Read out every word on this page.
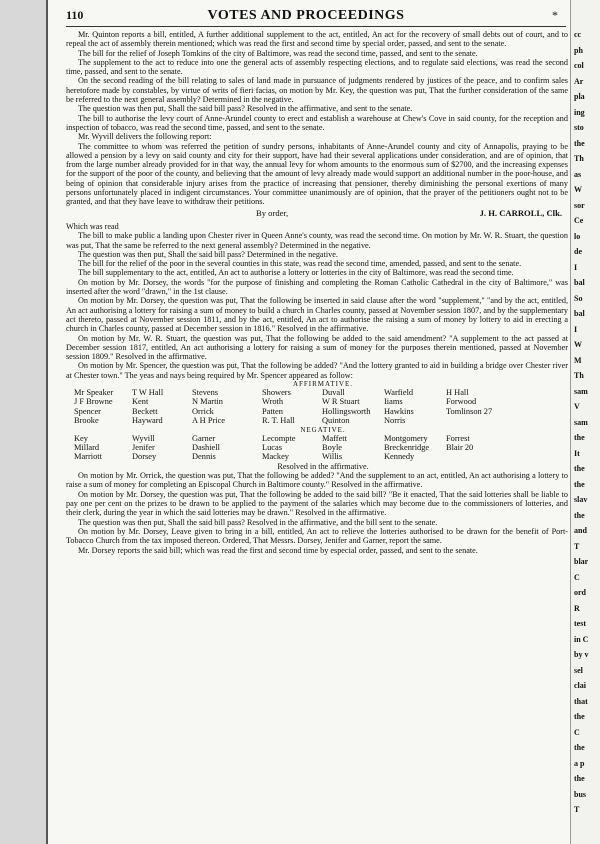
110	VOTES AND PROCEEDINGS	*

Mr. Quinton reports a bill, entitled, A further additional supplement to the act, entitled, An act for the recovery of small debts out of court, and to repeal the act of assembly therein mentioned; which was read the first and second time by special order, passed, and sent to the senate.

The bill for the relief of Joseph Tomkins of the city of Baltimore, was read the second time, passed, and sent to the senate.

The supplement to the act to reduce into one the general acts of assembly respecting elections, and to regulate said elections, was read the second time, passed, and sent to the senate.

On the second reading of the bill relating to sales of land made in pursuance of judgments rendered by justices of the peace, and to confirm sales heretofore made by constables, by virtue of writs of fieri facias, on motion by Mr. Key, the question was put, That the further consideration of the same be referred to the next general assembly? Determined in the negative.

The question was then put, Shall the said bill pass? Resolved in the affirmative, and sent to the senate.

The bill to authorise the levy court of Anne-Arundel county to erect and establish a warehouse at Chew's Cove in said county, for the reception and inspection of tobacco, was read the second time, passed, and sent to the senate.

Mr. Wyvill delivers the following report:

The committee to whom was referred the petition of sundry persons, inhabitants of Anne-Arundel county and city of Annapolis, praying to be allowed a pension by a levy on said county and city for their support, have had their several applications under consideration, and are of opinion, that from the large number already provided for in that way, the annual levy for whom amounts to the enormous sum of $2700, and the increasing expenses for the support of the poor of the county, and believing that the amount of levy already made would support an additional number in the poor-house, and being of opinion that considerable injury arises from the practice of increasing that pensioner, thereby diminishing the personal exertions of many persons unfortunately placed in indigent circumstances. Your committee unanimously are of opinion, that the prayer of the petitioners ought not to be granted, and that they have leave to withdraw their petitions.

By order,	J. H. CARROLL, Clk.

Which was read

The bill to make public a landing upon Chester river in Queen Anne's county, was read the second time. On motion by Mr. W. R. Stuart, the question was put, That the same be referred to the next general assembly? Determined in the negative.

The question was then put, Shall the said bill pass? Determined in the negative.

The bill for the relief of the poor in the several counties in this state, was read the second time, amended, passed, and sent to the senate.

The bill supplementary to the act, entitled, An act to authorise a lottery or lotteries in the city of Baltimore, was read the second time.

On motion by Mr. Dorsey, the words "for the purpose of finishing and completing the Roman Catholic Cathedral in the city of Baltimore," was inserted after the word "drawn," in the 1st clause.

On motion by Mr. Dorsey, the question was put, That the following be inserted in said clause after the word "supplement," "and by the act, entitled, An act authorising a lottery for raising a sum of money to build a church in Charles county, passed at November session 1807, and by the supplementary act thereto, passed at November session 1811, and by the act, entitled, An act to authorise the raising a sum of money by lottery to aid in erecting a church in Charles county, passed at December session in 1816." Resolved in the affirmative.

On motion by Mr. W. R. Stuart, the question was put, That the following be added to the said amendment? "A supplement to the act passed at December session 1817, entitled, An act authorising a lottery for raising a sum of money for the purposes therein mentioned, passed at November session 1809." Resolved in the affirmative.

On motion by Mr. Spencer, the question was put, That the following be added? "And the lottery granted to aid in building a bridge over Chester river at Chester town." The yeas and nays being required by Mr. Spencer appeared as follow:

AFFIRMATIVE.

Mr Speaker	T W Hall	Stevens	Showers	Duvall	Warfield	H Hall
J F Browne	Kent	N Martin	Wroth	W R Stuart	Iiams	Forwood
Spencer	Beckett	Orrick	Patten	Hollingsworth	Hawkins	Tomlinson 27
Brooke	Hayward	A H Price	R. T. Hall	Quinton	Norris

NEGATIVE.

Key	Wyvill	Garner	Lecompte	Maffett	Montgomery	Forrest
Millard	Jenifer	Dashiell	Lucas	Boyle	Breckenridge	Blair 20
Marriott	Dorsey	Dennis	Mackey	Willis	Kennedy

Resolved in the affirmative.

On motion by Mr. Orrick, the question was put, That the following be added? "And the supplement to an act, entitled, An act authorising a lottery to raise a sum of money for completing an Episcopal Church in Baltimore county." Resolved in the affirmative.

On motion by Mr. Dorsey, the question was put, That the following be added to the said bill? "Be it enacted, That the said lotteries shall be liable to pay one per cent on the prizes to be drawn to be applied to the payment of the salaries which may become due to the commissioners of lotteries, and their clerk, during the year in which the said lotteries may be drawn." Resolved in the affirmative.

The question was then put, Shall the said bill pass? Resolved in the affirmative, and the bill sent to the senate.

On motion by Mr. Dorsey, Leave given to bring in a bill, entitled, An act to relieve the lotteries authorised to be drawn for the benefit of Port-Tobacco Church from the tax imposed thereon. Ordered, That Messrs. Dorsey, Jenifer and Garner, report the same.

Mr. Dorsey reports the said bill; which was read the first and second time by especial order, passed, and sent to the senate.

cc
ph
col
Ar
pla
ing
sto
the
Th
as
W
sor
Ce
lo
de
I
bal
So
bal
I
W
M
Th
sam
V
sam
the
It
the
the
slav
the
and
T
blar
C
ord
R
test
in C
by v
sel
clai
that
the
C
the
a p
the
bus
T
